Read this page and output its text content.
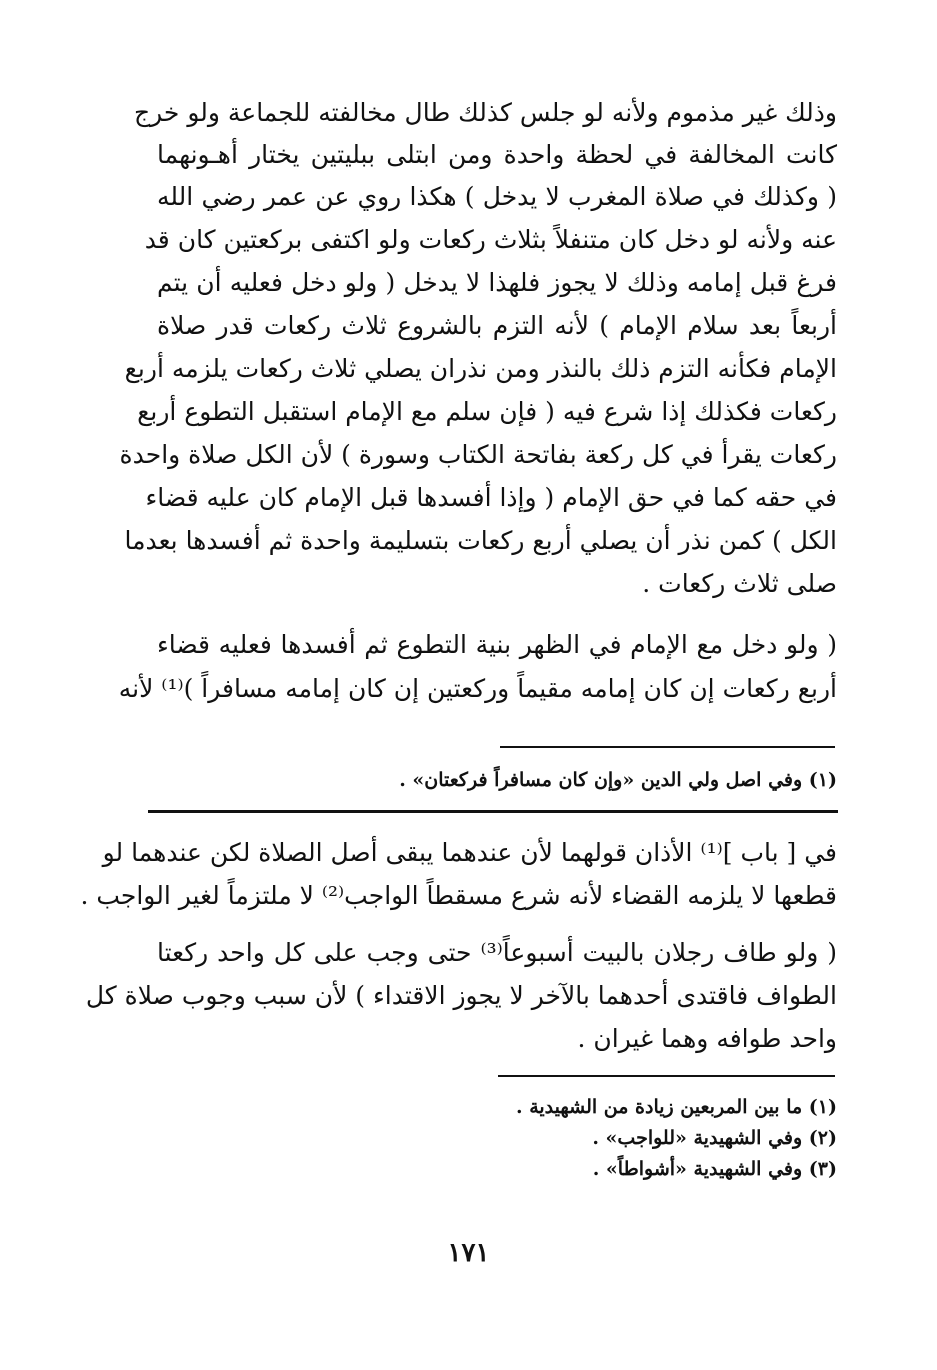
وذلك غير مذموم ولأنه لو جلس كذلك طال مخالفته للجماعة ولو خرج
كانت المخالفة في لحظة واحدة ومن ابتلى ببليتين يختار أهـونهما
( وكذلك في صلاة المغرب لا يدخل ) هكذا روي عن عمر رضي الله
عنه ولأنه لو دخل كان متنفلاً بثلاث ركعات ولو اكتفى بركعتين كان قد
فرغ قبل إمامه وذلك لا يجوز فلهذا لا يدخل ( ولو دخل فعليه أن يتم
أربعاً بعد سلام الإمام ) لأنه التزم بالشروع ثلاث ركعات قدر صلاة
الإمام فكأنه التزم ذلك بالنذر ومن نذران يصلي ثلاث ركعات يلزمه أربع
ركعات فكذلك إذا شرع فيه ( فإن سلم مع الإمام استقبل التطوع أربع
ركعات يقرأ في كل ركعة بفاتحة الكتاب وسورة ) لأن الكل صلاة واحدة
في حقه كما في حق الإمام ( وإذا أفسدها قبل الإمام كان عليه قضاء
الكل ) كمن نذر أن يصلي أربع ركعات بتسليمة واحدة ثم أفسدها بعدما
صلى ثلاث ركعات .
( ولو دخل مع الإمام في الظهر بنية التطوع ثم أفسدها فعليه قضاء
أربع ركعات إن كان إمامه مقيماً وركعتين إن كان إمامه مسافراً )⁽¹⁾ لأنه
(١) وفي اصل ولي الدين «وإن كان مسافراً فركعتان» .
في [ باب ]⁽¹⁾ الأذان قولهما لأن عندهما يبقى أصل الصلاة لكن عندهما لو
قطعها لا يلزمه القضاء لأنه شرع مسقطاً الواجب⁽²⁾ لا ملتزماً لغير الواجب .
( ولو طاف رجلان بالبيت أسبوعاً⁽³⁾ حتى وجب على كل واحد ركعتا
الطواف فاقتدى أحدهما بالآخر لا يجوز الاقتداء ) لأن سبب وجوب صلاة كل
واحد طوافه وهما غيران .
(١) ما بين المربعين زيادة من الشهيدية .
(٢) وفي الشهيدية «للواجب» .
(٣) وفي الشهيدية «أشواطاً» .
١٧١
